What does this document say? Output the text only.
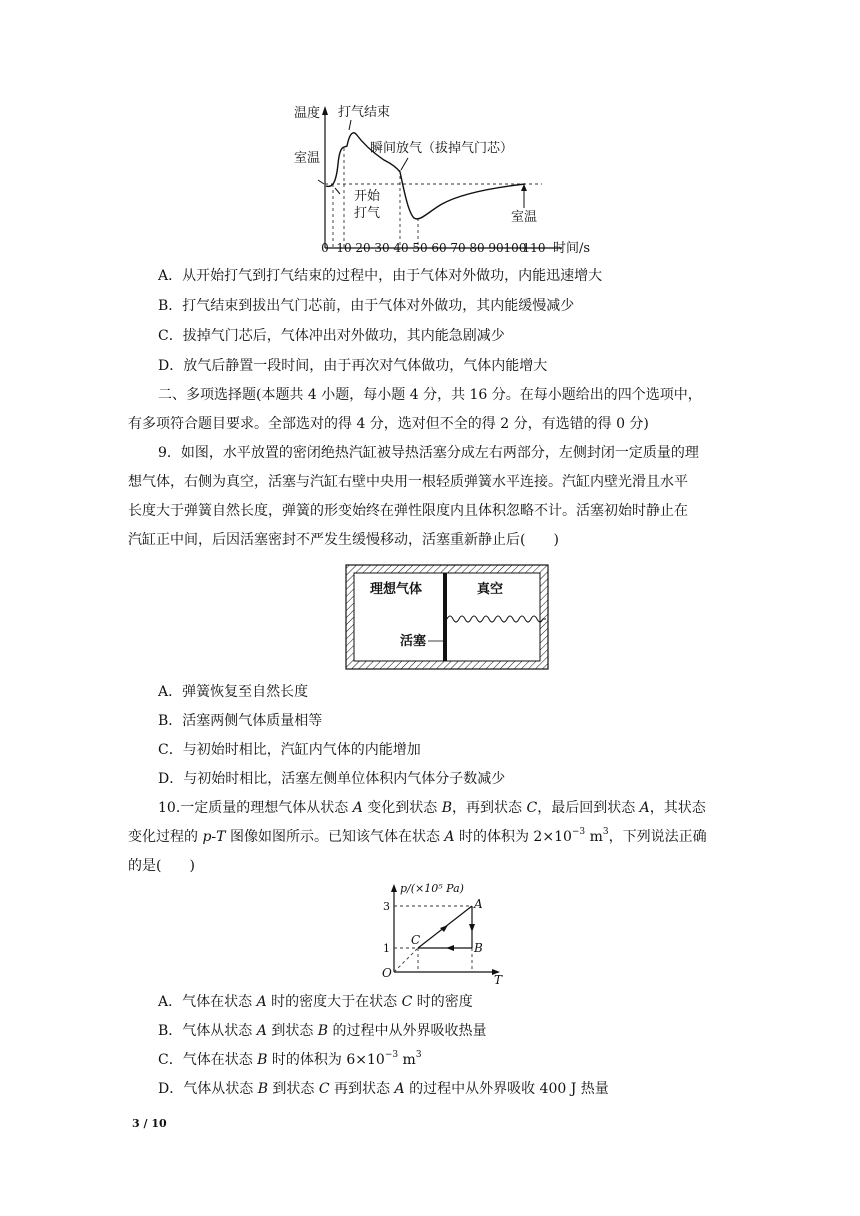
温度 打气结束
瞬间放气（拔掉气门芯）
室温
开始
打气	室温
时间/s
0 10 20 30 40 50 60 70 80 90 100
110
A．从开始打气到打气结束的过程中，由于气体对外做功，内能迅速增大
B．打气结束到拔出气门芯前，由于气体对外做功，其内能缓慢减少
C．拔掉气门芯后，气体冲出对外做功，其内能急剧减少
D．放气后静置一段时间，由于再次对气体做功，气体内能增大
二、多项选择题(本题共 4 小题，每小题 4 分，共 16 分。在每小题给出的四个选项中，
有多项符合题目要求。全部选对的得 4 分，选对但不全的得 2 分，有选错的得 0 分)
9．如图，水平放置的密闭绝热汽缸被导热活塞分成左右两部分，左侧封闭一定质量的理
想气体，右侧为真空，活塞与汽缸右壁中央用一根轻质弹簧水平连接。汽缸内壁光滑且水平
长度大于弹簧自然长度，弹簧的形变始终在弹性限度内且体积忽略不计。活塞初始时静止在
汽缸正中间，后因活塞密封不严发生缓慢移动，活塞重新静止后(　　)
理想气体	真空
活塞
A．弹簧恢复至自然长度
B．活塞两侧气体质量相等
C．与初始时相比，汽缸内气体的内能增加
D．与初始时相比，活塞左侧单位体积内气体分子数减少
10.一定质量的理想气体从状态 A 变化到状态 B，再到状态 C，最后回到状态 A，其状态
变化过程的 p-T 图像如图所示。已知该气体在状态 A 时的体积为 $2\times 10^{-3}$ $m^3$，下列说法正确
的是(　　)
p/(×10⁵ Pa)
T
O
3
1
A
B
C
A．气体在状态 A 时的密度大于在状态 C 时的密度
B．气体从状态 A 到状态 B 的过程中从外界吸收热量
C．气体在状态 B 时的体积为 $6\times 10^{-3}$ $m^3$
D．气体从状态 B 到状态 C 再到状态 A 的过程中从外界吸收 400 J 热量
3 / 10
